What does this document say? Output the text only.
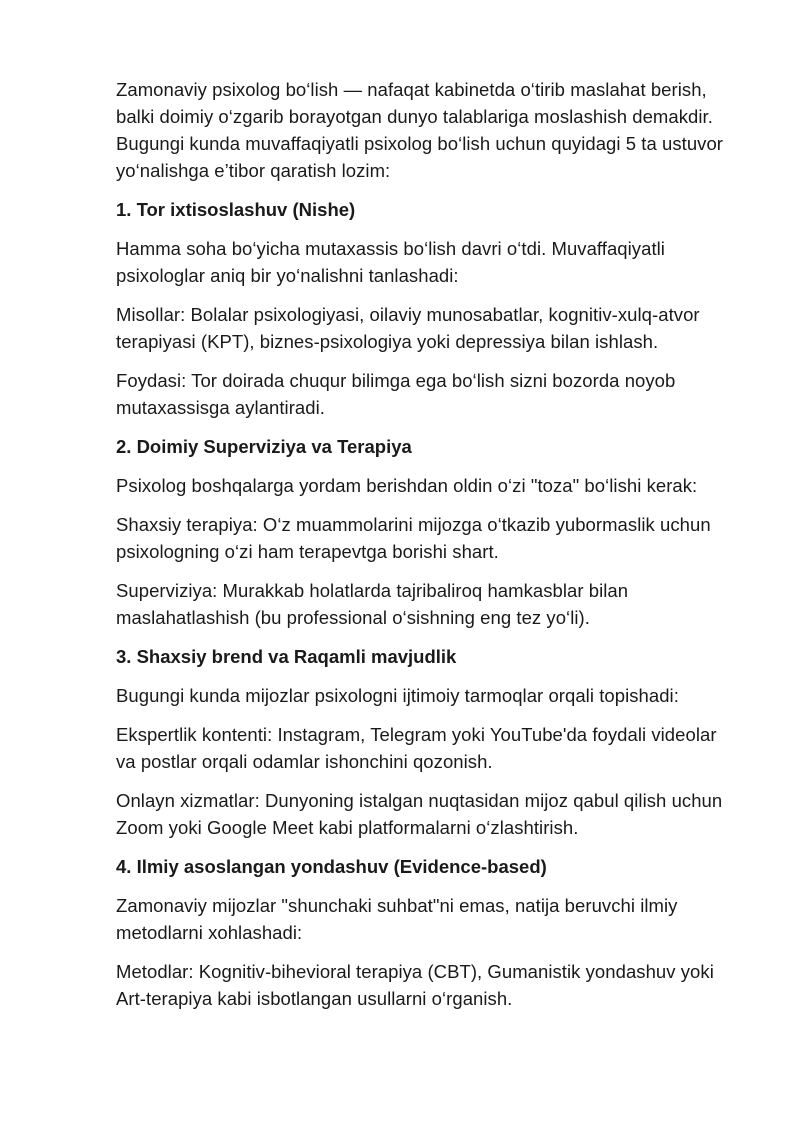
Zamonaviy psixolog bo‘lish — nafaqat kabinetda o‘tirib maslahat berish, balki doimiy o‘zgarib borayotgan dunyo talablariga moslashish demakdir. Bugungi kunda muvaffaqiyatli psixolog bo‘lish uchun quyidagi 5 ta ustuvor yo‘nalishga e’tibor qaratish lozim:

1. Tor ixtisoslashuv (Nishe)

Hamma soha bo‘yicha mutaxassis bo‘lish davri o‘tdi. Muvaffaqiyatli psixologlar aniq bir yo‘nalishni tanlashadi:

Misollar: Bolalar psixologiyasi, oilaviy munosabatlar, kognitiv-xulq-atvor terapiyasi (KPT), biznes-psixologiya yoki depressiya bilan ishlash.

Foydasi: Tor doirada chuqur bilimga ega bo‘lish sizni bozorda noyob mutaxassisga aylantiradi.

2. Doimiy Superviziya va Terapiya

Psixolog boshqalarga yordam berishdan oldin o‘zi "toza" bo‘lishi kerak:

Shaxsiy terapiya: O‘z muammolarini mijozga o‘tkazib yubormaslik uchun psixologning o‘zi ham terapevtga borishi shart.

Superviziya: Murakkab holatlarda tajribaliroq hamkasblar bilan maslahatlashish (bu professional o‘sishning eng tez yo‘li).

3. Shaxsiy brend va Raqamli mavjudlik

Bugungi kunda mijozlar psixologni ijtimoiy tarmoqlar orqali topishadi:

Ekspertlik kontenti: Instagram, Telegram yoki YouTube'da foydali videolar va postlar orqali odamlar ishonchini qozonish.

Onlayn xizmatlar: Dunyoning istalgan nuqtasidan mijoz qabul qilish uchun Zoom yoki Google Meet kabi platformalarni o‘zlashtirish.

4. Ilmiy asoslangan yondashuv (Evidence-based)

Zamonaviy mijozlar "shunchaki suhbat"ni emas, natija beruvchi ilmiy metodlarni xohlashadi:

Metodlar: Kognitiv-bihevioral terapiya (CBT), Gumanistik yondashuv yoki Art-terapiya kabi isbotlangan usullarni o‘rganish.
